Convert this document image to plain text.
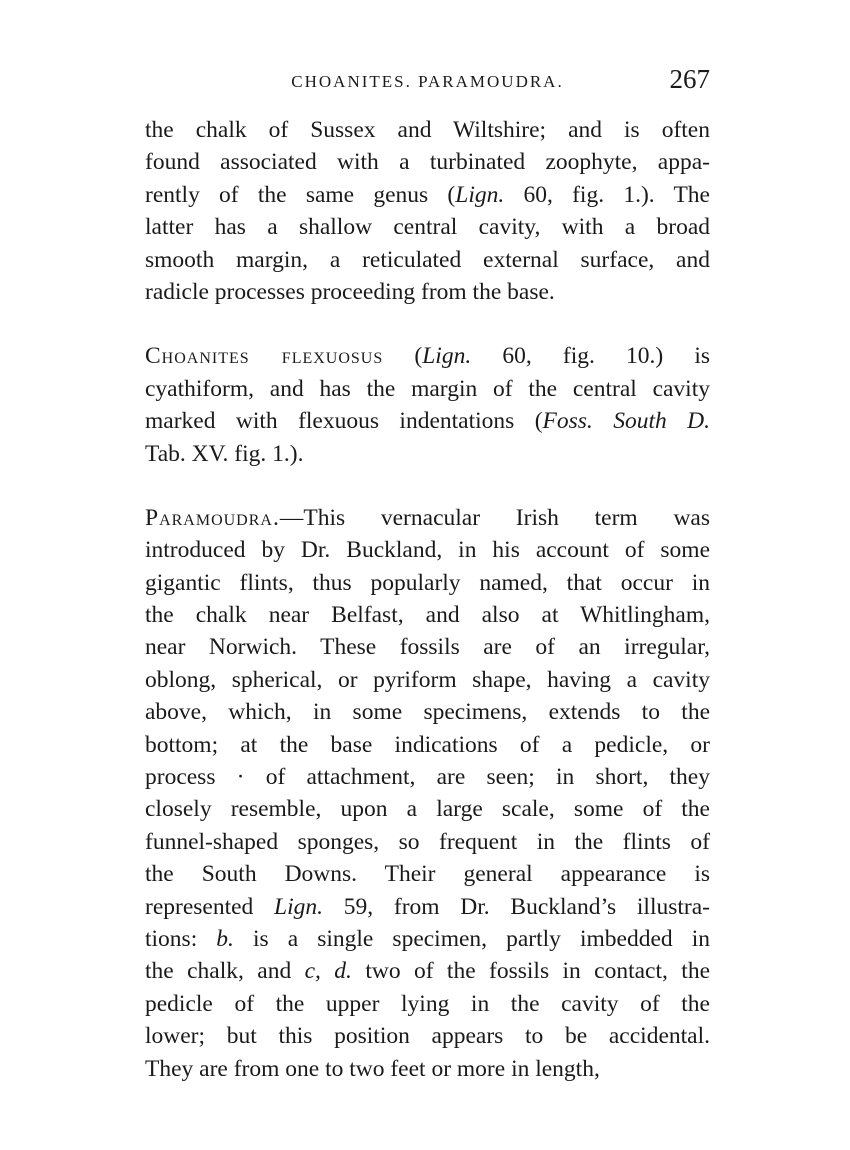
CHOANITES. PARAMOUDRA.	267
the chalk of Sussex and Wiltshire; and is often
found associated with a turbinated zoophyte, appa-
rently of the same genus (Lign. 60, fig. 1.). The
latter has a shallow central cavity, with a broad
smooth margin, a reticulated external surface, and
radicle processes proceeding from the base.
Choanites flexuosus (Lign. 60, fig. 10.) is
cyathiform, and has the margin of the central cavity
marked with flexuous indentations (Foss. South D.
Tab. XV. fig. 1.).
Paramoudra.—This vernacular Irish term was
introduced by Dr. Buckland, in his account of some
gigantic flints, thus popularly named, that occur in
the chalk near Belfast, and also at Whitlingham,
near Norwich. These fossils are of an irregular,
oblong, spherical, or pyriform shape, having a cavity
above, which, in some specimens, extends to the
bottom; at the base indications of a pedicle, or
process · of attachment, are seen; in short, they
closely resemble, upon a large scale, some of the
funnel-shaped sponges, so frequent in the flints of
the South Downs. Their general appearance is
represented Lign. 59, from Dr. Buckland’s illustra-
tions: b. is a single specimen, partly imbedded in
the chalk, and c, d. two of the fossils in contact, the
pedicle of the upper lying in the cavity of the
lower; but this position appears to be accidental.
They are from one to two feet or more in length,
